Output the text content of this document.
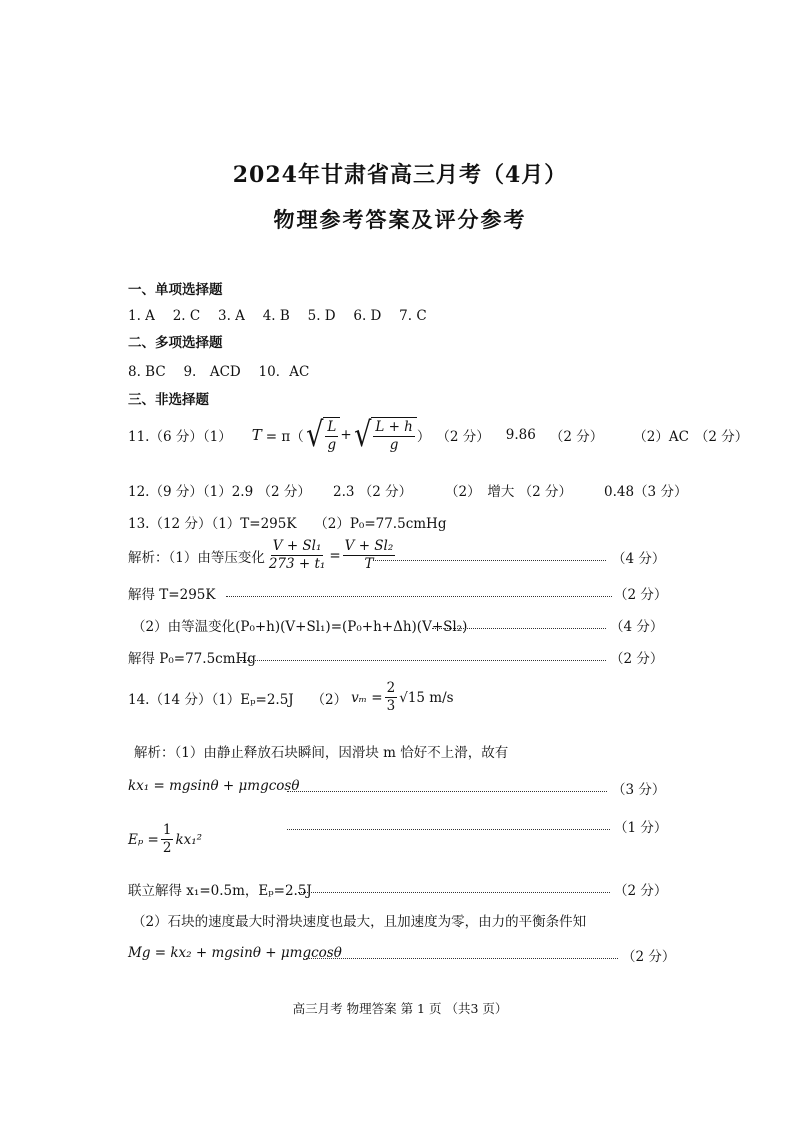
2024年甘肃省高三月考（4月）
物理参考答案及评分参考
一、单项选择题
1. A　 2. C　 3. A　 4. B　 5. D　 6. D　 7. C
二、多项选择题
8. BC　 9.　ACD　 10．AC
三、非选择题
11.（6 分）（1） T = π（ √ $\frac{L}{g}$ + √ $\frac{L + h}{g}$ ） （2 分） 9.86 （2 分） （2）AC （2 分）
12.（9 分）（1）2.9 （2 分） 2.3 （2 分） （2）　增大 （2 分） 0.48（3 分）
13.（12 分）（1）T=295K　 （2）P₀=77.5cmHg
解析：（1）由等压变化 $\frac{\text{V + Sl₁}}{\text{273 + t₁}} = \frac{\text{V + Sl₂}}{T}$	（4 分）
解得 T=295K	（2 分）
（2）由等温变化(P₀+h)(V+Sl₁)=(P₀+h+Δh)(V+Sl₂)	（4 分）
解得 P₀=77.5cmHg	（2 分）
14.（14 分）（1）Eₚ=2.5J　 （2） $v_m = \frac{2}{3} √15$ m/s
解析：（1）由静止释放石块瞬间，因滑块 m 恰好不上滑，故有
kx₁ = mgsinθ + μmgcosθ	（3 分）
（1 分）
$E_p = \frac{1}{2} kx_1^2$
联立解得 x₁=0.5m，Eₚ=2.5J	（2 分）
（2）石块的速度最大时滑块速度也最大，且加速度为零，由力的平衡条件知
Mg = kx₂ + mgsinθ + μmgcosθ	（2 分）
高三月考 物理答案 第 1 页 （共3 页）
